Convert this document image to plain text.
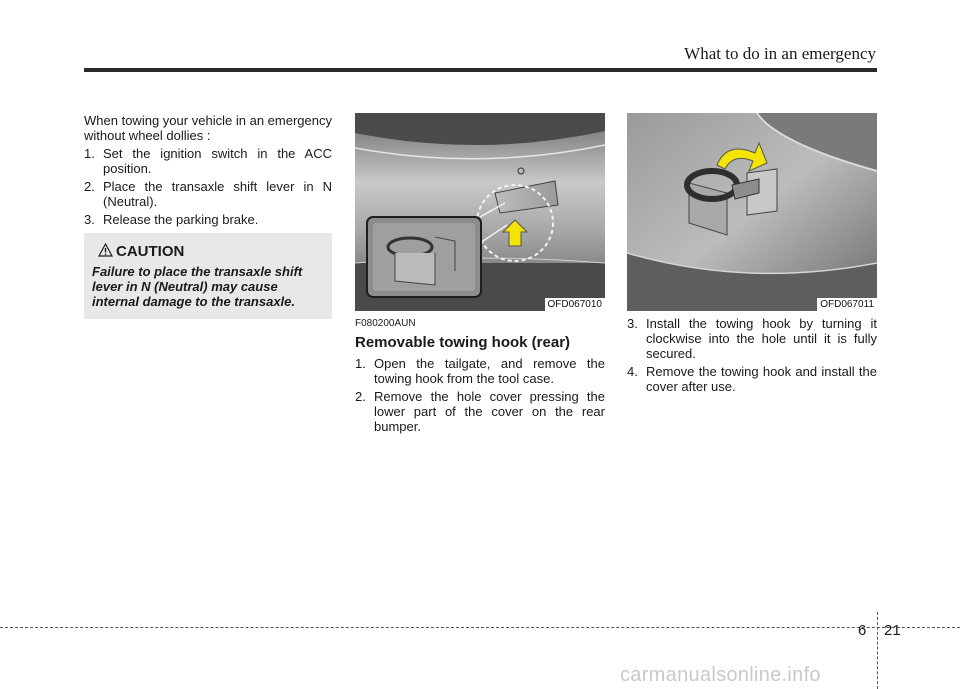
What to do in an emergency

When towing your vehicle in an emergency without wheel dollies :

1. Set the ignition switch in the ACC position.
2. Place the transaxle shift lever in N (Neutral).
3. Release the parking brake.
CAUTION
Failure to place the transaxle shift lever in N (Neutral) may cause internal damage to the transaxle.	OFD067010	OFD067011
F080200AUN
Removable towing hook (rear)
1. Open the tailgate, and remove the towing hook from the tool case.
2. Remove the hole cover pressing the lower part of the cover on the rear bumper.
3. Install the towing hook by turning it clockwise into the hole until it is fully secured.
4. Remove the towing hook and install the cover after use.
6 21
carmanualsonline.info
